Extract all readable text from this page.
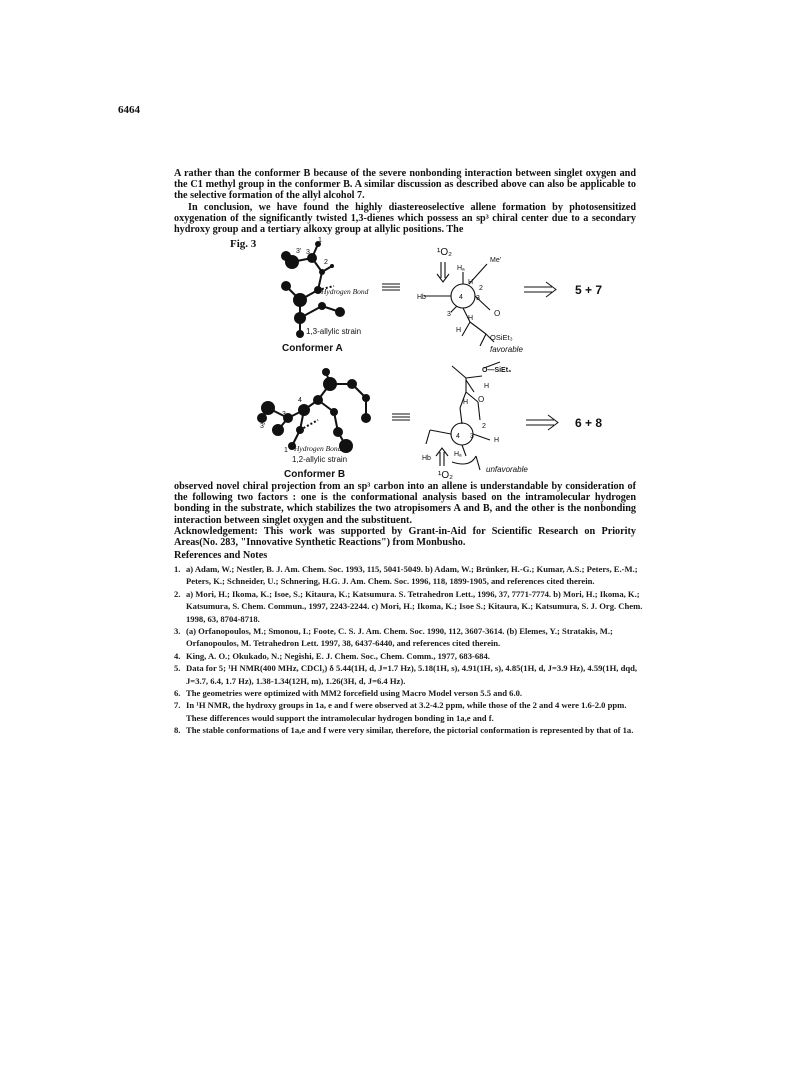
6464

A rather than the conformer B because of the severe nonbonding interaction between singlet oxygen and the C1 methyl group in the conformer B. A similar discussion as described above can also be applicable to the selective formation of the allyl alcohol 7.

In conclusion, we have found the highly diastereoselective allene formation by photosensitized oxygenation of the significantly twisted 1,3-dienes which possess an sp³ chiral center due to a secondary hydroxy group and a tertiary alkoxy group at allylic positions. The

Fig. 3
3' 3
2
1
Hydrogen Bond
1,3-allylic strain
Conformer A
¹O₂
Me'
Hₐ
H
2
Hb	4 3
3'	O
H
H
OSiEt₃
favorable
5 + 7
3'
3
4
1 Hydrogen Bond
1,2-allylic strain
Conformer B
O—SiEt₃
H
O
H
2
3
4
H
Hₐ
Hb
¹O₂
unfavorable
6 + 8

observed novel chiral projection from an sp³ carbon into an allene is understandable by consideration of the following two factors : one is the conformational analysis based on the intramolecular hydrogen bonding in the substrate, which stabilizes the two atropisomers A and B, and the other is the nonbonding interaction between singlet oxygen and the substituent.

Acknowledgement: This work was supported by Grant-in-Aid for Scientific Research on Priority Areas(No. 283, "Innovative Synthetic Reactions") from Monbusho.

References and Notes
1. a) Adam, W.; Nestler, B. J. Am. Chem. Soc. 1993, 115, 5041-5049. b) Adam, W.; Brünker, H.-G.; Kumar, A.S.; Peters, E.-M.; Peters, K.; Schneider, U.; Schnering, H.G. J. Am. Chem. Soc. 1996, 118, 1899-1905, and references cited therein.
2. a) Mori, H.; Ikoma, K.; Isoe, S.; Kitaura, K.; Katsumura. S. Tetrahedron Lett., 1996, 37, 7771-7774. b) Mori, H.; Ikoma, K.; Katsumura, S. Chem. Commun., 1997, 2243-2244. c) Mori, H.; Ikoma, K.; Isoe S.; Kitaura, K.; Katsumura, S. J. Org. Chem. 1998, 63, 8704-8718.
3. (a) Orfanopoulos, M.; Smonou, I.; Foote, C. S. J. Am. Chem. Soc. 1990, 112, 3607-3614. (b) Elemes, Y.; Stratakis, M.; Orfanopoulos, M. Tetrahedron Lett. 1997, 38, 6437-6440, and references cited therein.
4. King, A. O.; Okukado, N.; Negishi, E. J. Chem. Soc., Chem. Comm., 1977, 683-684.
5. Data for 5; ¹H NMR(400 MHz, CDCl₃) δ 5.44(1H, d, J=1.7 Hz), 5.18(1H, s), 4.91(1H, s), 4.85(1H, d, J=3.9 Hz), 4.59(1H, dqd, J=3.7, 6.4, 1.7 Hz), 1.38-1.34(12H, m), 1.26(3H, d, J=6.4 Hz).
6. The geometries were optimized with MM2 forcefield using Macro Model verson 5.5 and 6.0.
7. In ¹H NMR, the hydroxy groups in 1a, e and f were observed at 3.2-4.2 ppm, while those of the 2 and 4 were 1.6-2.0 ppm. These differences would support the intramolecular hydrogen bonding in 1a,e and f.
8. The stable conformations of 1a,e and f were very similar, therefore, the pictorial conformation is represented by that of 1a.
